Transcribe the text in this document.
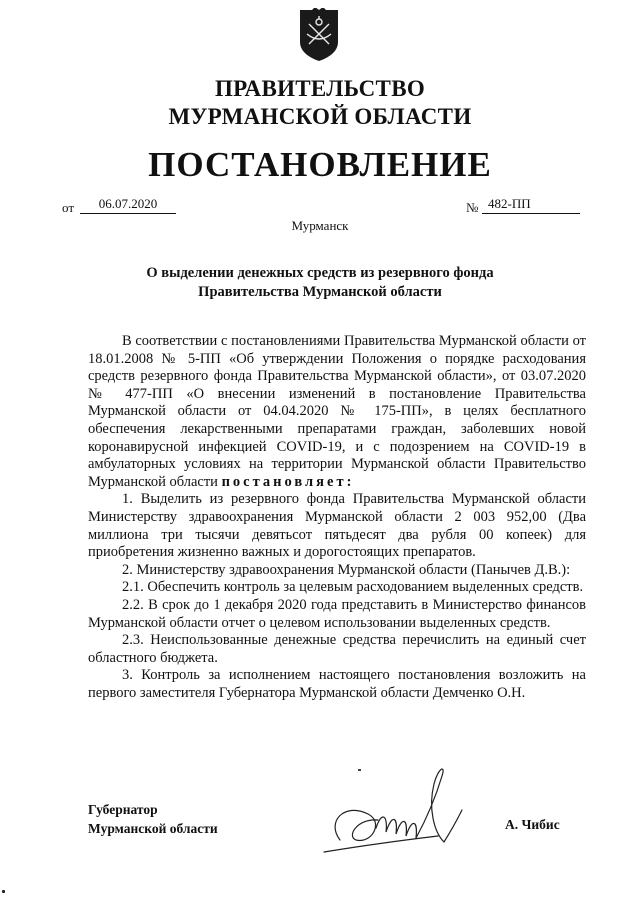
ПРАВИТЕЛЬСТВО
МУРМАНСКОЙ ОБЛАСТИ
ПОСТАНОВЛЕНИЕ
от	06.07.2020	№ 482-ПП
Мурманск
О выделении денежных средств из резервного фонда
Правительства Мурманской области

В соответствии с постановлениями Правительства Мурманской области от 18.01.2008 № 5-ПП «Об утверждении Положения о порядке расходования средств резервного фонда Правительства Мурманской области», от 03.07.2020 № 477-ПП «О внесении изменений в постановление Правительства Мурманской области от 04.04.2020 № 175-ПП», в целях бесплатного обеспечения лекарственными препаратами граждан, заболевших новой коронавирусной инфекцией COVID-19, и с подозрением на COVID-19 в амбулаторных условиях на территории Мурманской области Правительство Мурманской области постановляет:

1. Выделить из резервного фонда Правительства Мурманской области Министерству здравоохранения Мурманской области 2 003 952,00 (Два миллиона три тысячи девятьсот пятьдесят два рубля 00 копеек) для приобретения жизненно важных и дорогостоящих препаратов.

2. Министерству здравоохранения Мурманской области (Панычев Д.В.):

2.1. Обеспечить контроль за целевым расходованием выделенных средств.

2.2. В срок до 1 декабря 2020 года представить в Министерство финансов Мурманской области отчет о целевом использовании выделенных средств.

2.3. Неиспользованные денежные средства перечислить на единый счет областного бюджета.

3. Контроль за исполнением настоящего постановления возложить на первого заместителя Губернатора Мурманской области Демченко О.Н.

Губернатор
Мурманской области	А. Чибис
